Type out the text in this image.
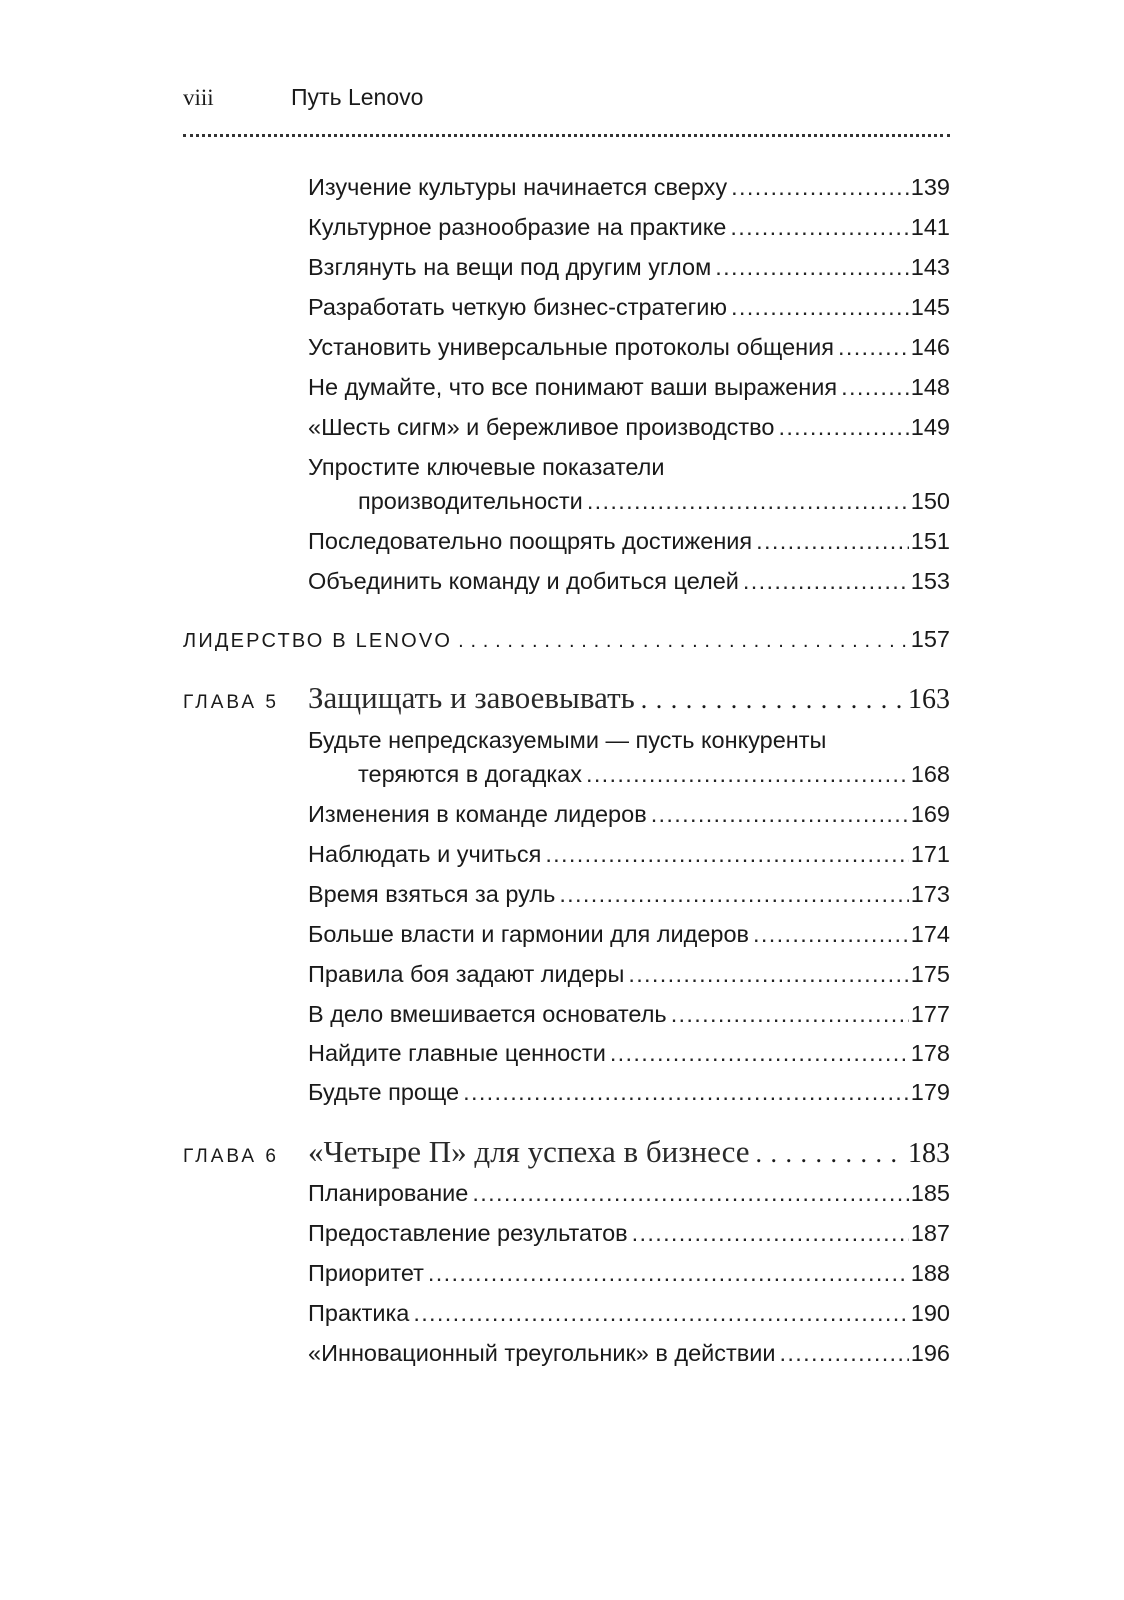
viii	Путь Lenovo
Изучение культуры начинается сверху . . .	139
Культурное разнообразие на практике . . .	141
Взглянуть на вещи под другим углом . . .	143
Разработать четкую бизнес-стратегию . . .	145
Установить универсальные протоколы общения . . .	146
Не думайте, что все понимают ваши выражения . . .	148
«Шесть сигм» и бережливое производство . . .	149
Упростите ключевые показатели
производительности . . .	150
Последовательно поощрять достижения . . .	151
Объединить команду и добиться целей . . .	153
ЛИДЕРСТВО В LENOVO . . .	157
ГЛАВА 5 Защищать и завоевывать . . .	163
Будьте непредсказуемыми — пусть конкуренты
теряются в догадках . . .	168
Изменения в команде лидеров . . .	169
Наблюдать и учиться . . .	171
Время взяться за руль . . .	173
Больше власти и гармонии для лидеров . . .	174
Правила боя задают лидеры . . .	175
В дело вмешивается основатель . . .	177
Найдите главные ценности . . .	178
Будьте проще . . .	179
ГЛАВА 6 «Четыре П» для успеха в бизнесе . . .	183
Планирование . . .	185
Предоставление результатов . . .	187
Приоритет . . .	188
Практика . . .	190
«Инновационный треугольник» в действии . . .	196
